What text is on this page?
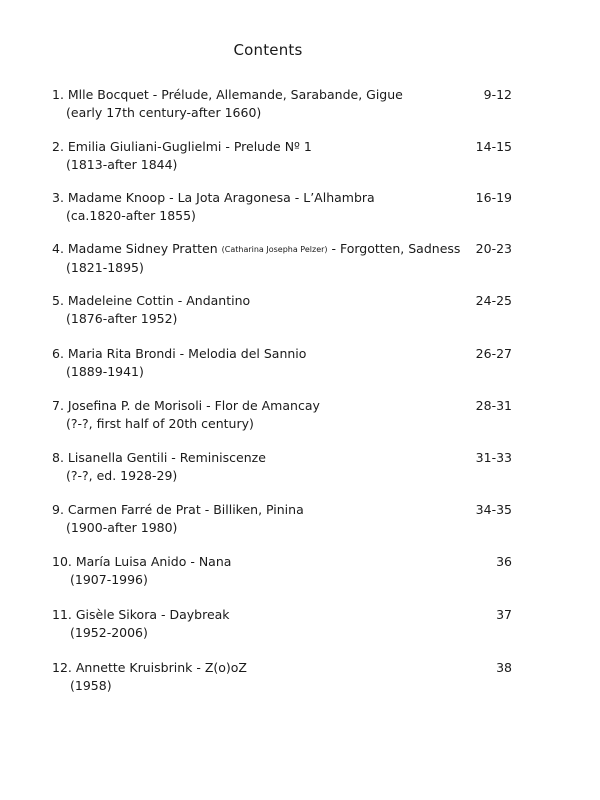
Contents
1. Mlle Bocquet - Prélude, Allemande, Sarabande, Gigue
(early 17th century-after 1660)
9-12
2. Emilia Giuliani-Guglielmi - Prelude Nº 1
(1813-after 1844)
14-15
3. Madame Knoop - La Jota Aragonesa - L’Alhambra
(ca.1820-after 1855)
16-19
4. Madame Sidney Pratten (Catharina Josepha Pelzer) - Forgotten, Sadness
(1821-1895)
20-23
5. Madeleine Cottin - Andantino
(1876-after 1952)
24-25
6. Maria Rita Brondi - Melodia del Sannio
(1889-1941)
26-27
7. Josefina P. de Morisoli - Flor de Amancay
(?-?, first half of 20th century)
28-31
8. Lisanella Gentili - Reminiscenze
(?-?, ed. 1928-29)
31-33
9. Carmen Farré de Prat - Billiken, Pinina
(1900-after 1980)
34-35
10. María Luisa Anido - Nana
(1907-1996)
36
11. Gisèle Sikora - Daybreak
(1952-2006)
37
12. Annette Kruisbrink - Z(o)oZ
(1958)
38
